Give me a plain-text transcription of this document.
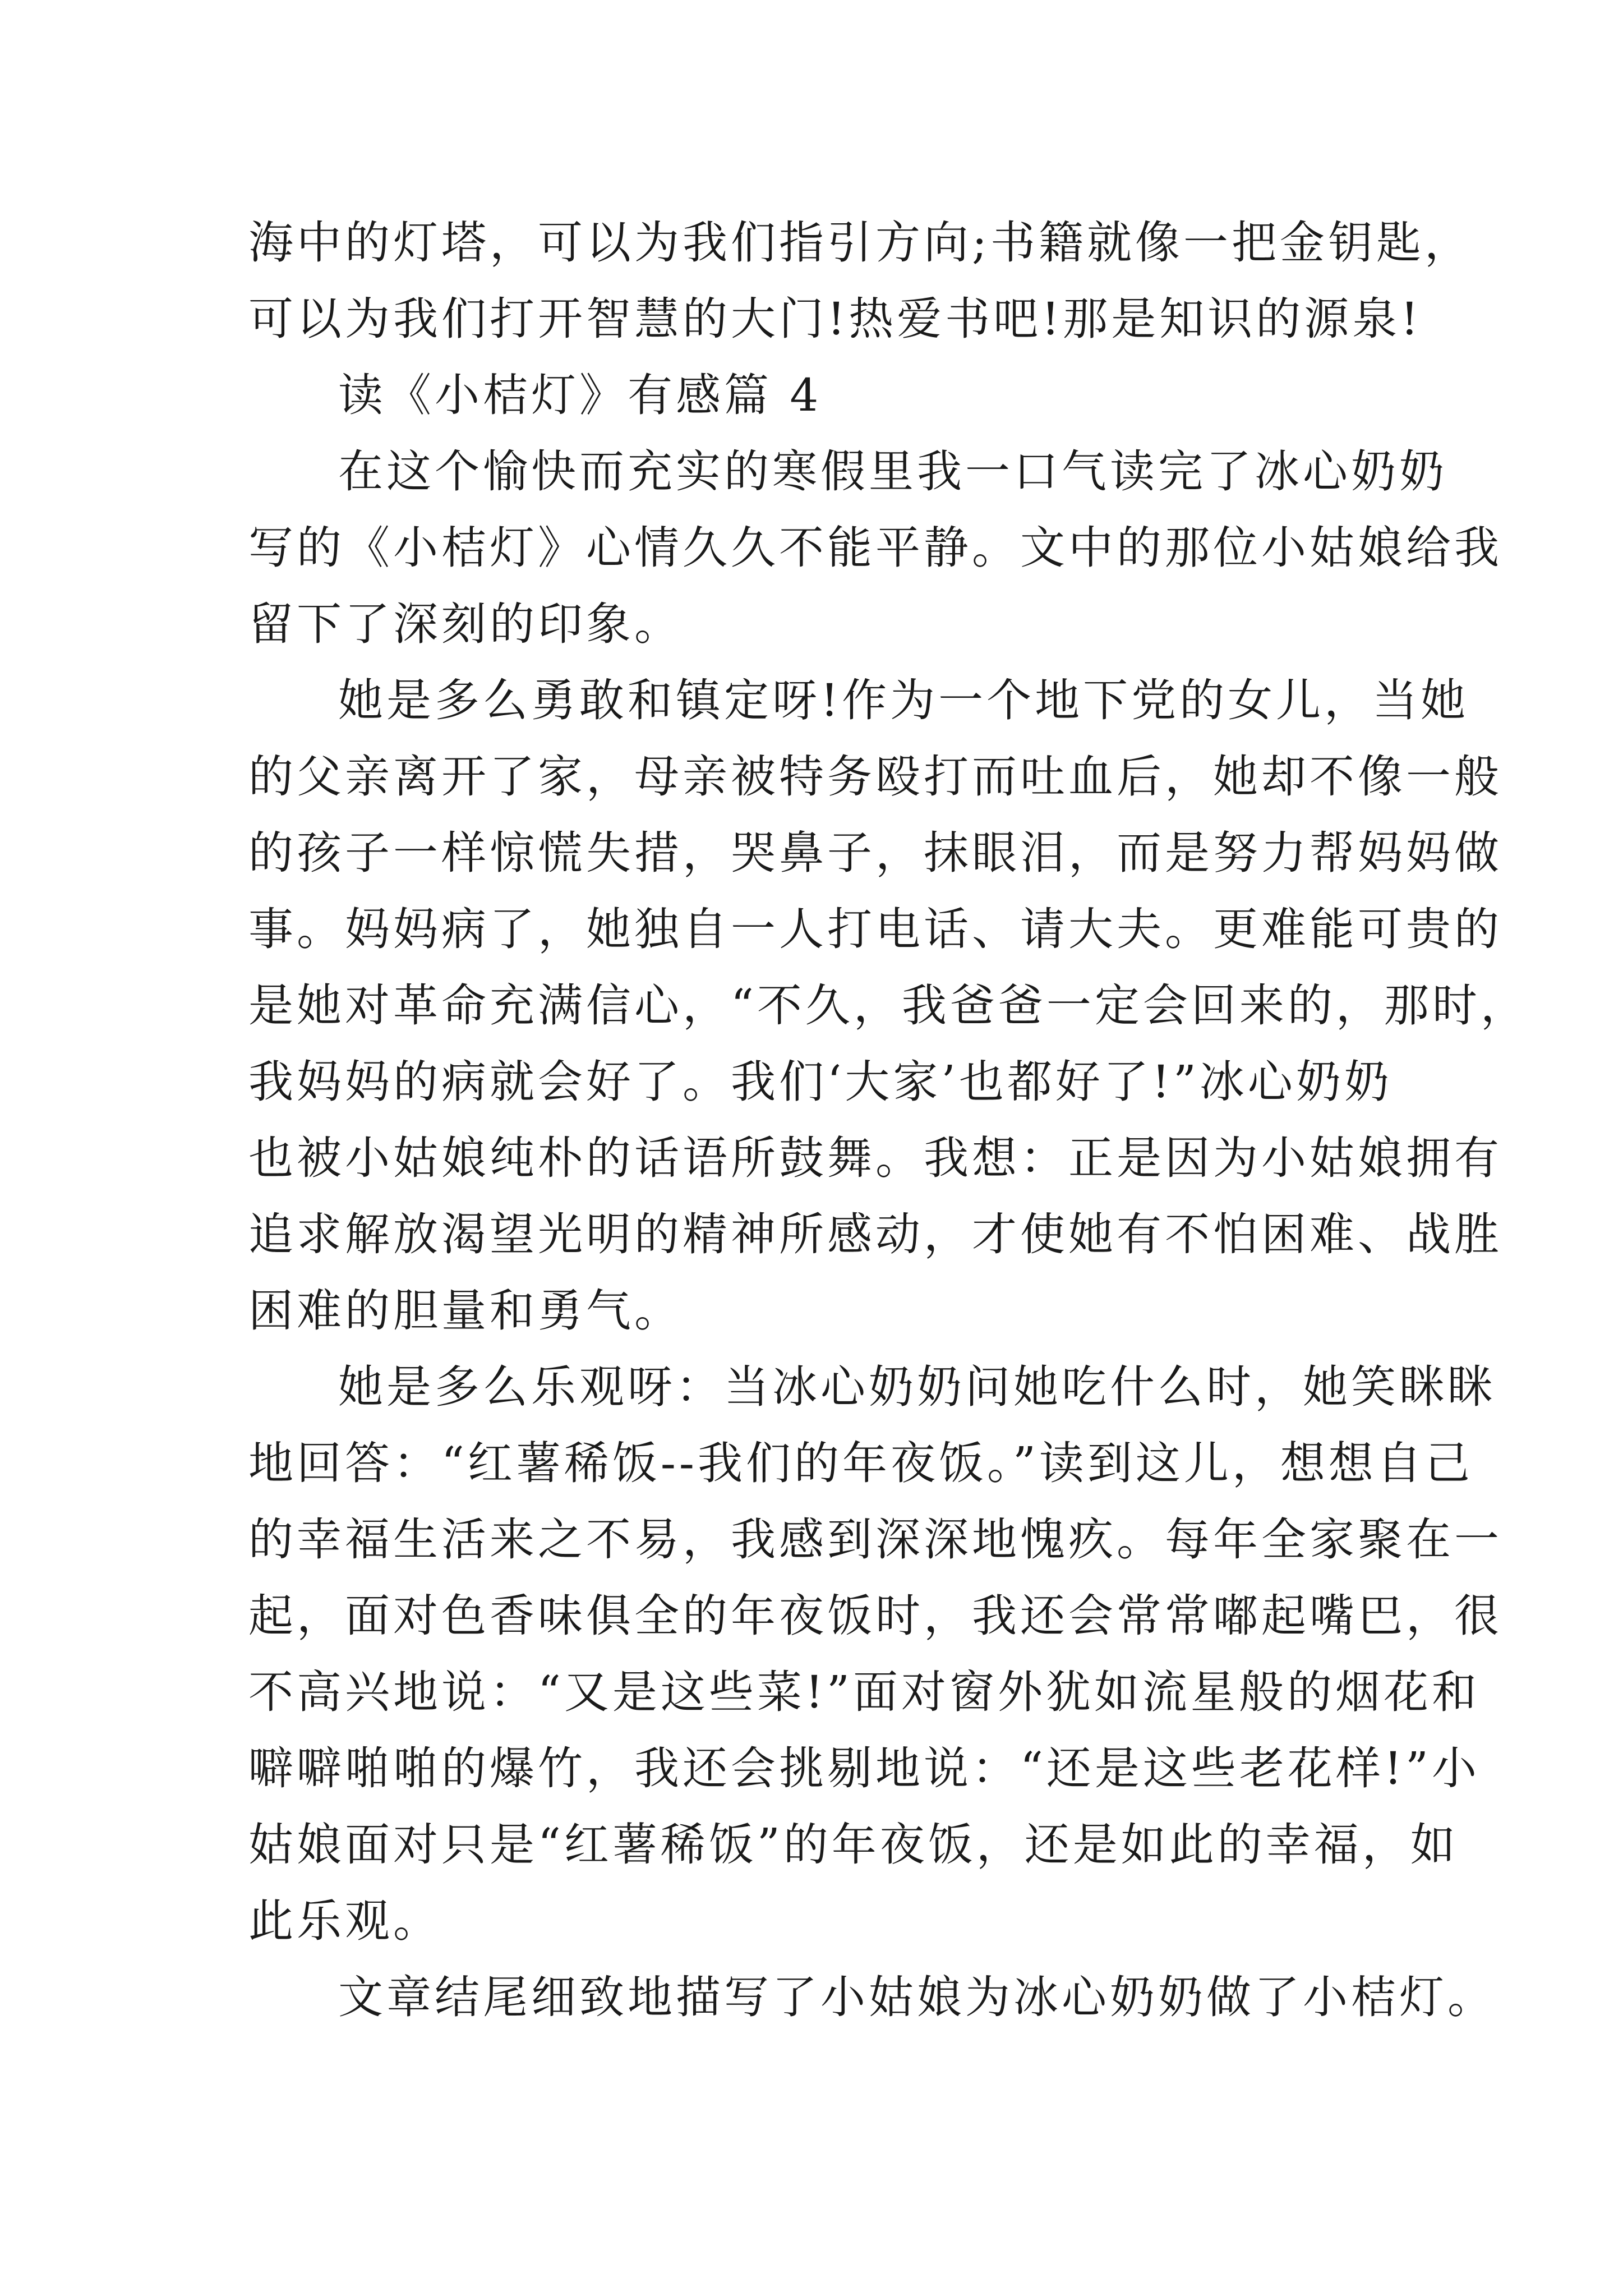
海中的灯塔，可以为我们指引方向;书籍就像一把金钥匙，
可以为我们打开智慧的大门!热爱书吧!那是知识的源泉!
读《小桔灯》有感篇 4
在这个愉快而充实的寒假里我一口气读完了冰心奶奶
写的《小桔灯》心情久久不能平静。文中的那位小姑娘给我
留下了深刻的印象。
她是多么勇敢和镇定呀!作为一个地下党的女儿，当她
的父亲离开了家，母亲被特务殴打而吐血后，她却不像一般
的孩子一样惊慌失措，哭鼻子，抹眼泪，而是努力帮妈妈做
事。妈妈病了，她独自一人打电话、请大夫。更难能可贵的
是她对革命充满信心，“不久，我爸爸一定会回来的，那时，
我妈妈的病就会好了。我们‘大家’也都好了!”冰心奶奶
也被小姑娘纯朴的话语所鼓舞。我想：正是因为小姑娘拥有
追求解放渴望光明的精神所感动，才使她有不怕困难、战胜
困难的胆量和勇气。
她是多么乐观呀：当冰心奶奶问她吃什么时，她笑眯眯
地回答：“红薯稀饭--我们的年夜饭。”读到这儿，想想自己
的幸福生活来之不易，我感到深深地愧疚。每年全家聚在一
起，面对色香味俱全的年夜饭时，我还会常常嘟起嘴巴，很
不高兴地说：“又是这些菜!”面对窗外犹如流星般的烟花和
噼噼啪啪的爆竹，我还会挑剔地说：“还是这些老花样!”小
姑娘面对只是“红薯稀饭”的年夜饭，还是如此的幸福，如
此乐观。
文章结尾细致地描写了小姑娘为冰心奶奶做了小桔灯。
